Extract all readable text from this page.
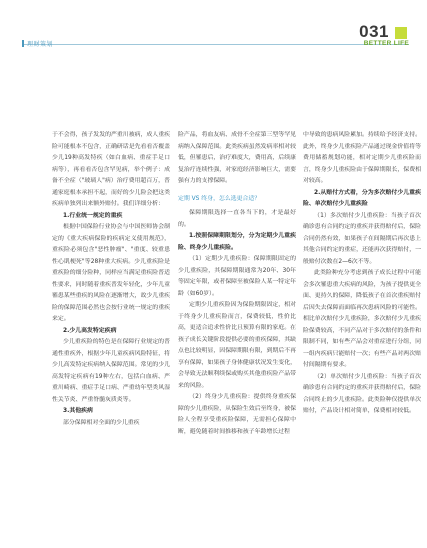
理财策划
031
BETTER LIFE

于不会得，孩子发发的严重川被病，成人重疾险可能根本不包含，正确研话是先看看否覆盖少儿19种高发特疾（如白血病、重症手足口病等），再看看否包含罕见病，举个例子：成备不全症（"玻璃人"病）治疗费用超百万，普通家庭根本承担不起，而好的少儿险会把这类疾病单独列出来额外赔付。我们详细分析：

1.行业统一规定的重疾

根据中国保险行业协会与中国医师协会制定的《重大疾病保险的疾病定义使用规范》，重疾险必须包含"恶性肿瘤"、"重度、较重患性心肌梗死"等28种重大疾病。少儿重疾险是重疾险的细分险种，同样应当满足重疾险普适性要求，同时随着重疾普发年轻化，少年儿童罹患某些重疾的风险在逐渐增大，故少儿重疾险的保障范围必然也会按行业统一规定的重疾来定。

2.少儿高发特定疾病

少儿重疾险的特色是在保障行业规定的普通性重疾外，根据少年儿童疾病风险特征，将少儿高发特定疾病纳入保障范围。常见的少儿高发特定疾病有19种左右，包括白血病、严重川崎病、重症手足口病、严重幼年型类风湿性关节炎、严重脊髓灰质炎等。

3.其他疾病

部分保障相对全面的少儿重疾

险产品，将血友病、成骨不全症第三型等罕见病纳入保障范围。此类疾病虽然发病率相对较低，但罹患后，治疗难度大，费用高，后续康复治疗连续性强，对家庭经济影响巨大，需要强有力的支撑保障。

定期 VS 终身，怎么选更合适？

保障期限选择一直各当下的，才是最好的。

1.按照保障期限划分，分为定期少儿重疾险、终身少儿重疾险。

（1）定期少儿重疾险：保障期限固定的少儿重疾险，其保障期限通常为20年、30年等固定年限，或者保障至被保险人某一特定年龄（如60岁）。

定期少儿重疾险因为保险期限固定，相对于终身少儿重疾险而言，保费较低，性价比高，更适合追求性价比且预算有限的家庭。在孩子成长关键阶段提供必要的重疾保障，其缺点也比较明显，因保障期限有限，到期后不再享有保障，如果孩子身体健康状况发生变化，会导致无法顺利续保或购买其他重疾险产品带来的风险。

（2）终身少儿重疾险：提供终身重疾保障的少儿重疾险，从保险生效后至终身，被保险人全程享受重疾险保障，无需担心保障中断，避免随着时间推移和孩子年龄增长过程

中导致的患病风险累加。持续给予经济支持。此外，终身少儿重疾险产品通过现金价值将等费用储蓄规划功能，相对定期少儿重疾险而言，终身少儿重疾险由于保障期限长，保费相对较高。

2.从赔付方式看，分为多次赔付少儿重疾险、单次赔付少儿重疾险

（1）多次赔付少儿重疾险：当孩子首次确诊患有合同约定的重疾并获得赔付后，保险合同仍然有效，如果孩子在间隔期后再次患上其他合同约定的重症，还能再次获得赔付，一般赔付次数在2—6次不等。

此类险种充分考虑到孩子成长过程中可能会多次罹患重大疾病的风险，为孩子提供更全面、更持久的保障，降低孩子在首次重疾赔付后因失去保障而面临再次患病风险的可能性。相比单次赔付少儿重疾险，多次赔付少儿重疾险保费较高，不同产品对于多次赔付的条件和限制不同，如有些产品会对重症进行分组，同一组内疾病只能赔付一次；有些产品对两次赔付间隔期有要求。

（2）单次赔付少儿重疾险：当孩子首次确诊患有合同约定的重疾并获得赔付后，保险合同终止的少儿重疾险。此类险种仅提供单次赔付，产品设计相对简单，保费相对较低。
